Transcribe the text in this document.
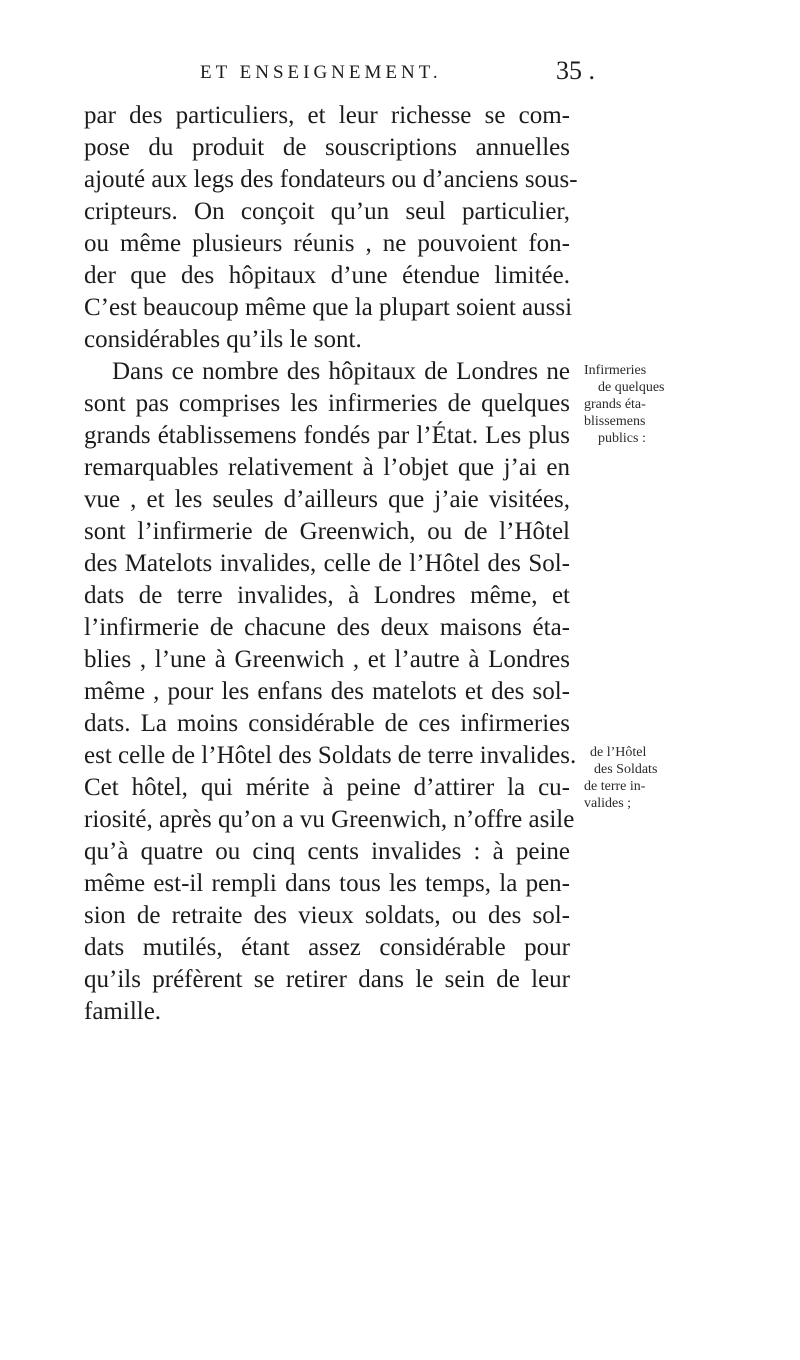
ET ENSEIGNEMENT.	35 .
par des particuliers, et leur richesse se com-
pose du produit de souscriptions annuelles
ajouté aux legs des fondateurs ou d’anciens sous-
cripteurs. On conçoit qu’un seul particulier,
ou même plusieurs réunis , ne pouvoient fon-
der que des hôpitaux d’une étendue limitée.
C’est beaucoup même que la plupart soient aussi
considérables qu’ils le sont.
Dans ce nombre des hôpitaux de Londres ne
sont pas comprises les infirmeries de quelques
grands établissemens fondés par l’État. Les plus
remarquables relativement à l’objet que j’ai en
vue , et les seules d’ailleurs que j’aie visitées,
sont l’infirmerie de Greenwich, ou de l’Hôtel
des Matelots invalides, celle de l’Hôtel des Sol-
dats de terre invalides, à Londres même, et
l’infirmerie de chacune des deux maisons éta-
blies , l’une à Greenwich , et l’autre à Londres
même , pour les enfans des matelots et des sol-
dats. La moins considérable de ces infirmeries
est celle de l’Hôtel des Soldats de terre invalides.
Cet hôtel, qui mérite à peine d’attirer la cu-
riosité, après qu’on a vu Greenwich, n’offre asile
qu’à quatre ou cinq cents invalides : à peine
même est-il rempli dans tous les temps, la pen-
sion de retraite des vieux soldats, ou des sol-
dats mutilés, étant assez considérable pour
qu’ils préfèrent se retirer dans le sein de leur
famille.
Infirmeries
de quelques
grands éta-
blissemens
publics :
de l’Hôtel
des Soldats
de terre in-
valides ;
